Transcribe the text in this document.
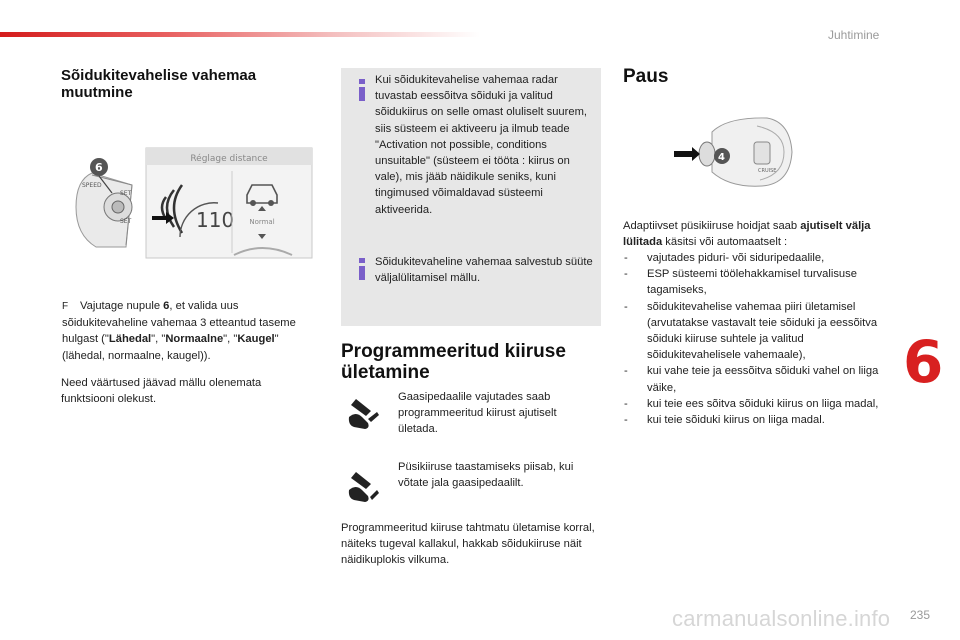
Juhtimine
Sõidukitevahelise vahemaa muutmine
SPEED
SET
SET
6
Réglage distance
110 Normal
F Vajutage nupule 6, et valida uus sõidukitevaheline vahemaa 3 etteantud taseme hulgast ("Lähedal", "Normaalne", "Kaugel" (lähedal, normaalne, kaugel)).
Need väärtused jäävad mällu olenemata funktsiooni olekust.
Kui sõidukitevahelise vahemaa radar tuvastab eessõitva sõiduki ja valitud sõidukiirus on selle omast oluliselt suurem, siis süsteem ei aktiveeru ja ilmub teade "Activation not possible, conditions unsuitable" (süsteem ei tööta : kiirus on vale), mis jääb näidikule seniks, kuni tingimused võimaldavad süsteemi aktiveerida.
Sõidukitevaheline vahemaa salvestub süüte väljalülitamisel mällu.
Programmeeritud kiiruse ületamine
Gaasipedaalile vajutades saab programmeeritud kiirust ajutiselt ületada.
Püsikiiruse taastamiseks piisab, kui võtate jala gaasipedaalilt.
Programmeeritud kiiruse tahtmatu ületamise korral, näiteks tugeval kallakul, hakkab sõidukiiruse näit näidikuplokis vilkuma.
Paus
CRUISE
4
Adaptiivset püsikiiruse hoidjat saab ajutiselt välja lülitada käsitsi või automaatselt :
- vajutades piduri- või siduripedaalile,
- ESP süsteemi töölehakkamisel turvalisuse tagamiseks,
- sõidukitevahelise vahemaa piiri ületamisel (arvutatakse vastavalt teie sõiduki ja eessõitva sõiduki kiiruse suhtele ja valitud sõidukitevahelisele vahemaale),
- kui vahe teie ja eessõitva sõiduki vahel on liiga väike,
- kui teie ees sõitva sõiduki kiirus on liiga madal,
- kui teie sõiduki kiirus on liiga madal.
6
carmanualsonline.info 235
